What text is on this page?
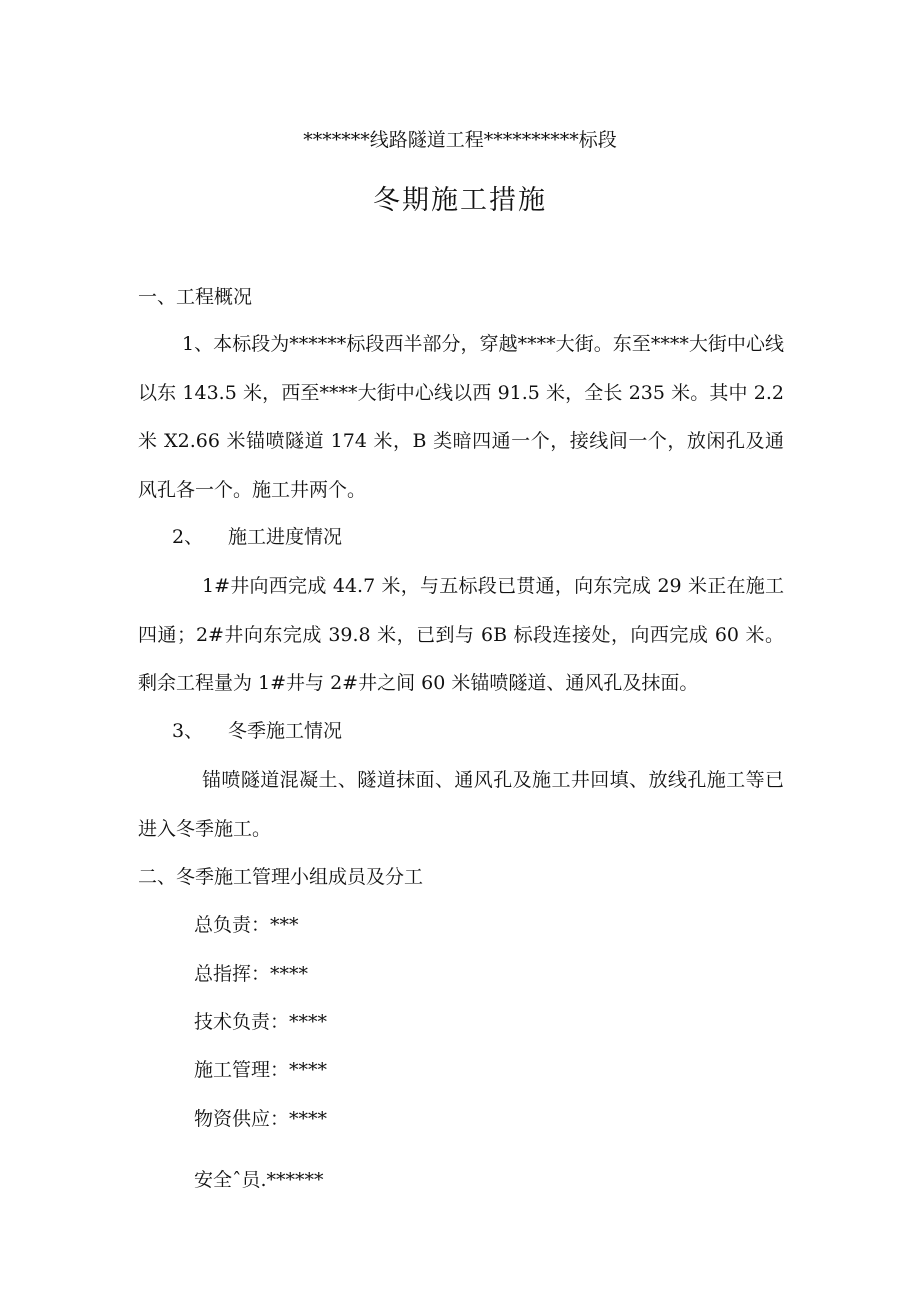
*******线路隧道工程**********标段
冬期施工措施
一、工程概况
1、本标段为******标段西半部分，穿越****大街。东至****大街中心线以东 143.5 米，西至****大街中心线以西 91.5 米，全长 235 米。其中 2.2 米 X2.66 米锚喷隧道 174 米，B 类暗四通一个，接线间一个，放闲孔及通风孔各一个。施工井两个。
2、 施工进度情况
1#井向西完成 44.7 米，与五标段已贯通，向东完成 29 米正在施工四通；2#井向东完成 39.8 米，已到与 6B 标段连接处，向西完成 60 米。剩余工程量为 1#井与 2#井之间 60 米锚喷隧道、通风孔及抹面。
3、 冬季施工情况
锚喷隧道混凝土、隧道抹面、通风孔及施工井回填、放线孔施工等已进入冬季施工。
二、冬季施工管理小组成员及分工
总负责：***
总指挥：****
技术负责：****
施工管理：****
物资供应：****
安全ˆ员.******
